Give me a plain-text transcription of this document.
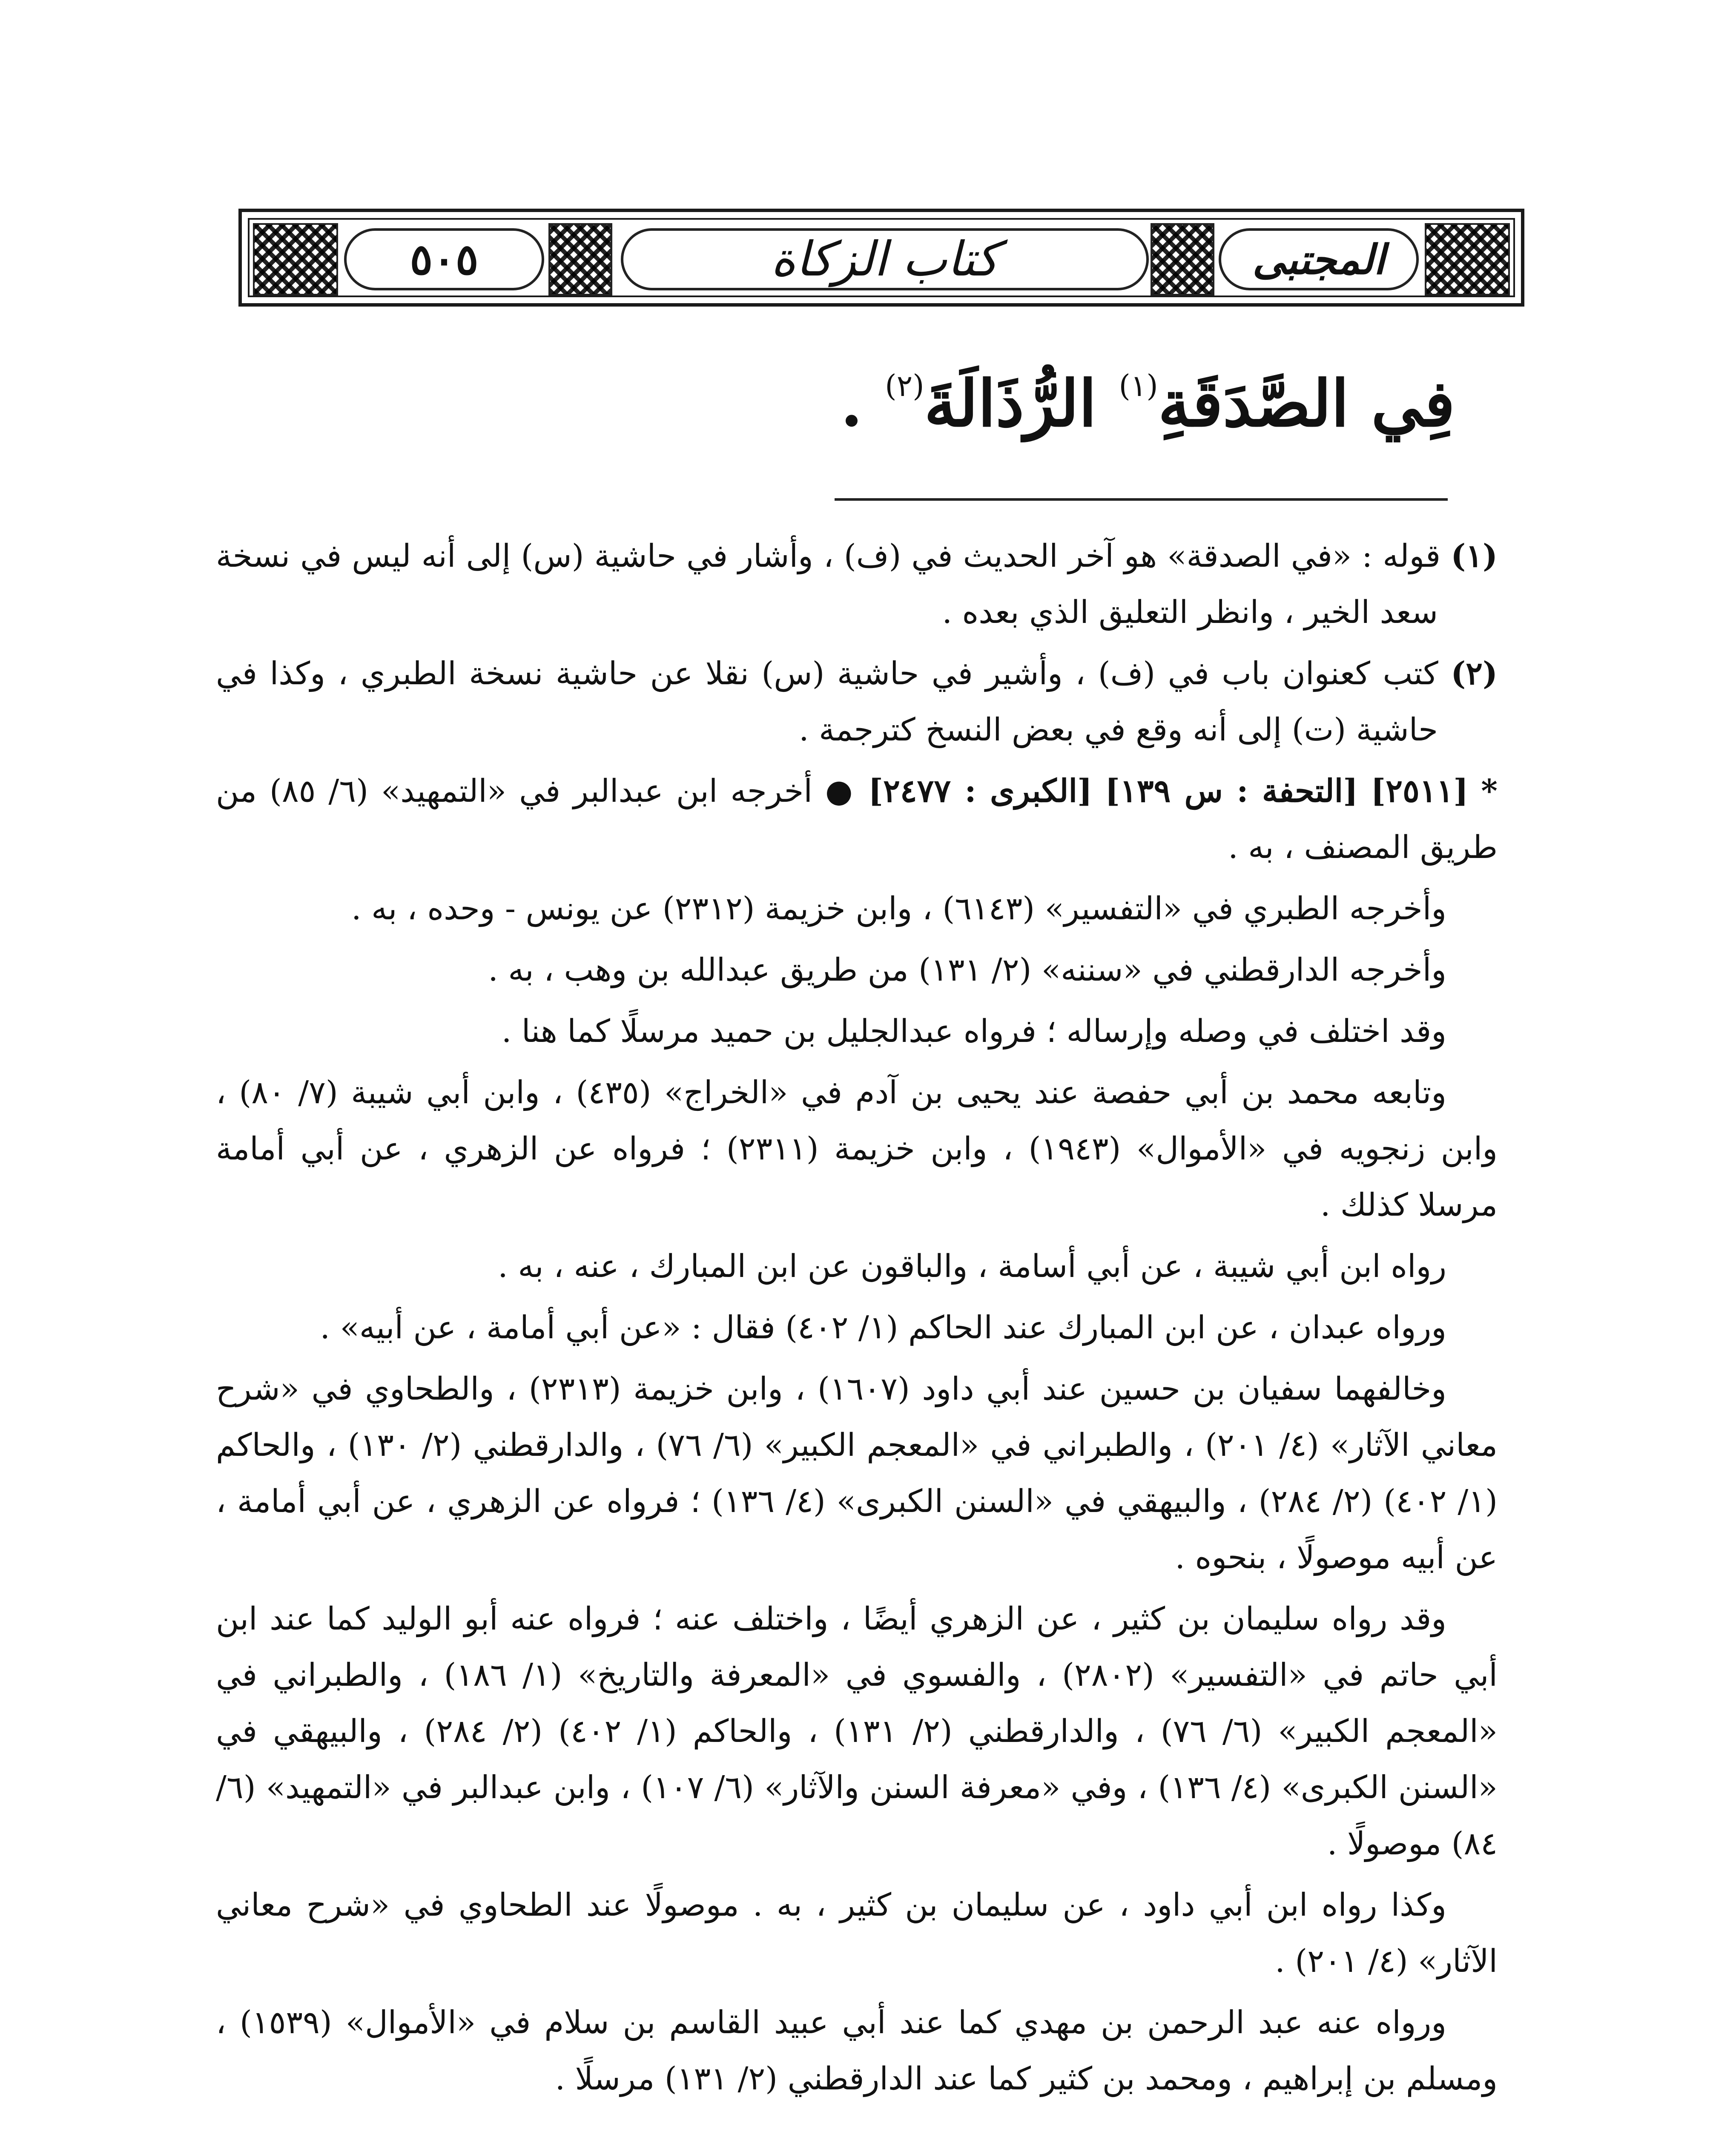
٥٠٥	كتاب الزكاة	المجتبى
فِي الصَّدَقَةِ$^{(١)}$ الرُّذَالَةَ$^{(٢)}$ .

(١) قوله : «في الصدقة» هو آخر الحديث في (ف) ، وأشار في حاشية (س) إلى أنه ليس في نسخة سعد الخير ، وانظر التعليق الذي بعده .

(٢) كتب كعنوان باب في (ف) ، وأشير في حاشية (س) نقلا عن حاشية نسخة الطبري ، وكذا في حاشية (ت) إلى أنه وقع في بعض النسخ كترجمة .

* [٢٥١١] [التحفة : س ١٣٩] [الكبرى : ٢٤٧٧] ● أخرجه ابن عبدالبر في «التمهيد» (٦/ ٨٥) من طريق المصنف ، به .

وأخرجه الطبري في «التفسير» (٦١٤٣) ، وابن خزيمة (٢٣١٢) عن يونس - وحده ، به .

وأخرجه الدارقطني في «سننه» (٢/ ١٣١) من طريق عبدالله بن وهب ، به .

وقد اختلف في وصله وإرساله ؛ فرواه عبدالجليل بن حميد مرسلًا كما هنا .

وتابعه محمد بن أبي حفصة عند يحيى بن آدم في «الخراج» (٤٣٥) ، وابن أبي شيبة (٧/ ٨٠) ، وابن زنجويه في «الأموال» (١٩٤٣) ، وابن خزيمة (٢٣١١) ؛ فرواه عن الزهري ، عن أبي أمامة مرسلا كذلك .

رواه ابن أبي شيبة ، عن أبي أسامة ، والباقون عن ابن المبارك ، عنه ، به .

ورواه عبدان ، عن ابن المبارك عند الحاكم (١/ ٤٠٢) فقال : «عن أبي أمامة ، عن أبيه» .

وخالفهما سفيان بن حسين عند أبي داود (١٦٠٧) ، وابن خزيمة (٢٣١٣) ، والطحاوي في «شرح معاني الآثار» (٤/ ٢٠١) ، والطبراني في «المعجم الكبير» (٦/ ٧٦) ، والدارقطني (٢/ ١٣٠) ، والحاكم (١/ ٤٠٢) (٢/ ٢٨٤) ، والبيهقي في «السنن الكبرى» (٤/ ١٣٦) ؛ فرواه عن الزهري ، عن أبي أمامة ، عن أبيه موصولًا ، بنحوه .

وقد رواه سليمان بن كثير ، عن الزهري أيضًا ، واختلف عنه ؛ فرواه عنه أبو الوليد كما عند ابن أبي حاتم في «التفسير» (٢٨٠٢) ، والفسوي في «المعرفة والتاريخ» (١/ ١٨٦) ، والطبراني في «المعجم الكبير» (٦/ ٧٦) ، والدارقطني (٢/ ١٣١) ، والحاكم (١/ ٤٠٢) (٢/ ٢٨٤) ، والبيهقي في «السنن الكبرى» (٤/ ١٣٦) ، وفي «معرفة السنن والآثار» (٦/ ١٠٧) ، وابن عبدالبر في «التمهيد» (٦/ ٨٤) موصولًا .

وكذا رواه ابن أبي داود ، عن سليمان بن كثير ، به . موصولًا عند الطحاوي في «شرح معاني الآثار» (٤/ ٢٠١) .

ورواه عنه عبد الرحمن بن مهدي كما عند أبي عبيد القاسم بن سلام في «الأموال» (١٥٣٩) ، ومسلم بن إبراهيم ، ومحمد بن كثير كما عند الدارقطني (٢/ ١٣١) مرسلًا .
